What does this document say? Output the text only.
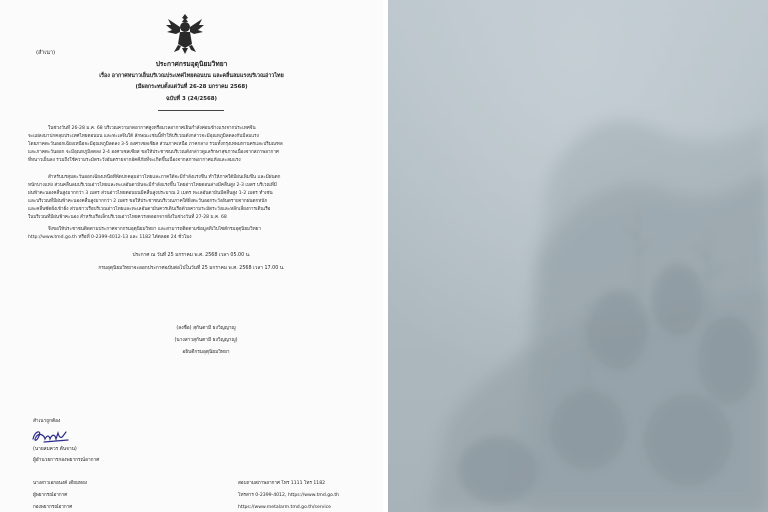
(สำเนา)
ประกาศกรมอุตุนิยมวิทยา
เรื่อง อากาศหนาวเย็นบริเวณประเทศไทยตอนบน และคลื่นลมแรงบริเวณอ่าวไทย
(มีผลกระทบตั้งแต่วันที่ 26-28 มกราคม 2568)
ฉบับที่ 3 (24/2568)
ในช่วงวันที่ 26-28 ม.ค. 68 บริเวณความกดอากาศสูงหรือมวลอากาศเย็นกำลังค่อนข้างแรงจากประเทศจีน
จะแผ่ลงมาปกคลุมประเทศไทยตอนบน และทะเลจีนใต้ ลักษณะเช่นนี้ทำให้บริเวณดังกล่าวจะมีอุณหภูมิลดลงกับมีลมแรง
โดยภาคตะวันออกเฉียงเหนือจะมีอุณหภูมิลดลง 3-5 องศาเซลเซียส ส่วนภาคเหนือ ภาคกลาง รวมทั้งกรุงเทพมหานครและปริมณฑล
และภาคตะวันออก จะมีอุณหภูมิลดลง 2-4 องศาเซลเซียส ขอให้ประชาชนบริเวณดังกล่าวดูแลรักษาสุขภาพเนื่องจากสภาพอากาศ
ที่หนาวเย็นลง รวมถึงใช้ความระมัดระวังอันตรายจากอัคคีภัยที่จะเกิดขึ้นเนื่องจากสภาพอากาศแห้งและลมแรง
สำหรับมรสุมตะวันออกเฉียงเหนือที่พัดปกคลุมอ่าวไทยและภาคใต้จะมีกำลังแรงขึ้น ทำให้ภาคใต้มีฝนเพิ่มขึ้น และมีฝนตก
หนักบางแห่ง ส่วนคลื่นลมบริเวณอ่าวไทยและทะเลอันดามันจะมีกำลังแรงขึ้น โดยอ่าวไทยตอนล่างมีคลื่นสูง 2-3 เมตร บริเวณที่มี
ฝนฟ้าคะนองคลื่นสูงมากกว่า 3 เมตร ส่วนอ่าวไทยตอนบนมีคลื่นสูงประมาณ 2 เมตร ทะเลอันดามันมีคลื่นสูง 1-2 เมตร ทำเช่น
และบริเวณที่มีฝนฟ้าคะนองคลื่นสูงมากกว่า 2 เมตร ขอให้ประชาชนบริเวณภาคใต้ฝั่งตะวันออกระวังอันตรายจากฝนตกหนัก
และคลื่นซัดฝั่งเข้าฝั่ง ส่วนชาวเรือบริเวณอ่าวไทยและทะเลอันดามันควรเดินเรือด้วยความระมัดระวังและหลีกเลี่ยงการเดินเรือ
ในบริเวณที่มีฝนฟ้าคะนอง สำหรับเรือเล็กบริเวณอ่าวไทยควรงดออกจากฝั่งในช่วงวันที่ 27-28 ม.ค. 68
จึงขอให้ประชาชนติดตามประกาศจากกรมอุตุนิยมวิทยา และสามารถติดตามข้อมูลที่เว็บไซต์กรมอุตุนิยมวิทยา
http://www.tmd.go.th หรือที่ 0-2399-4012-13 และ 1182 ได้ตลอด 24 ชั่วโมง
ประกาศ ณ วันที่ 25 มกราคม พ.ศ. 2568 เวลา 05.00 น.
กรมอุตุนิยมวิทยาจะออกประกาศฉบับต่อไปในวันที่ 25 มกราคม พ.ศ. 2568 เวลา 17.00 น.
(ลงชื่อ) สุกันตามี ธงวิญญาญู
(นางสาวสุกันตามี ธงวิญญาญู)
อธิบดีกรมอุตุนิยมวิทยา
สำเนาถูกต้อง
(นายสมควร ต้นจาน)
ผู้อำนวยการกองพยากรณ์อากาศ
นางสาวเอกอนงค์ เดียมทอง
ผู้พยากรณ์อากาศ
กองพยากรณ์อากาศ
สอบถามสภาพอากาศ โทร 1111 โทร 1182
โทรสาร 0-2399-4012, https://www.tmd.go.th
https://www.metalarm.tmd.go.th/service
